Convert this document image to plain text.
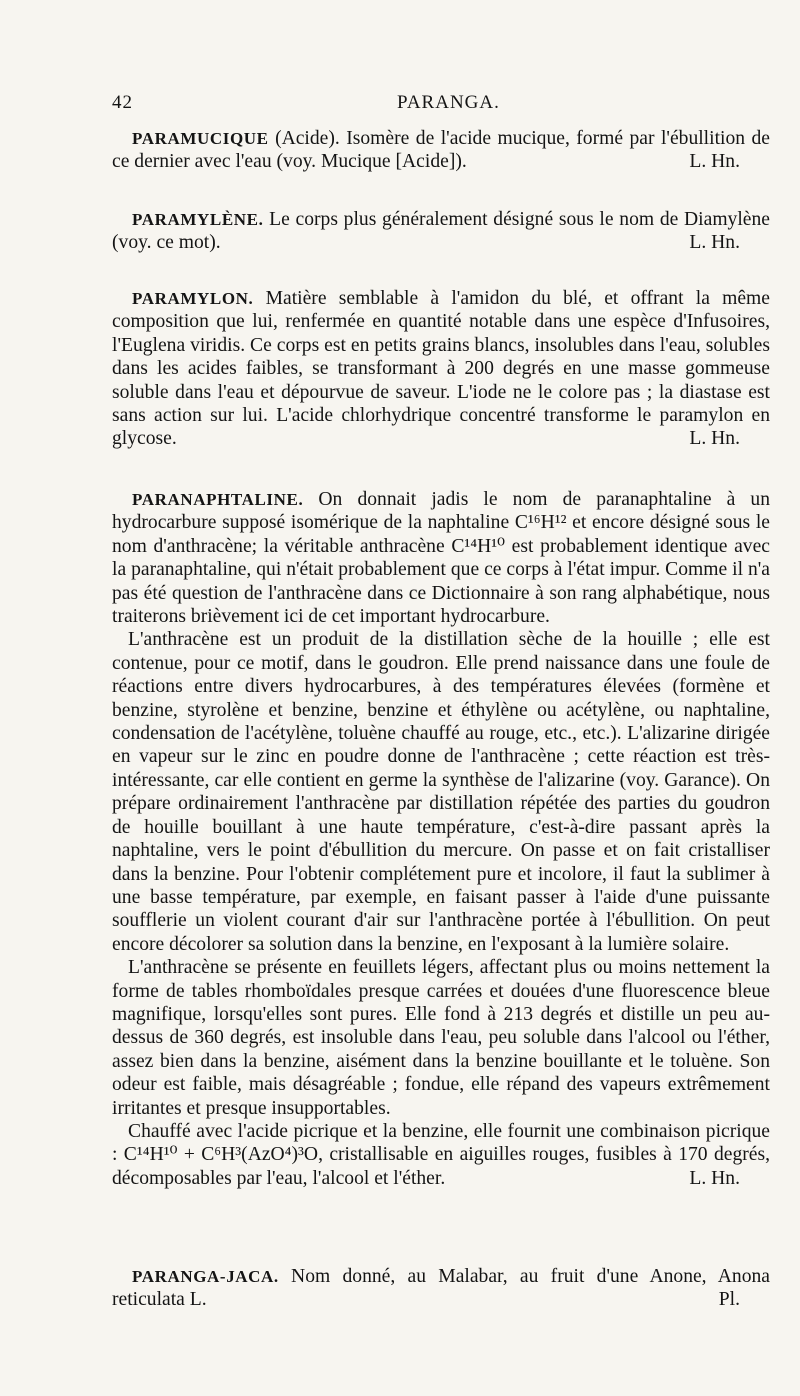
42	PARANGA.

PARAMUCIQUE (Acide). Isomère de l'acide mucique, formé par l'ébullition de ce dernier avec l'eau (voy. Mucique [Acide]).	L. Hn.

PARAMYLÈNE. Le corps plus généralement désigné sous le nom de Diamylène (voy. ce mot).	L. Hn.

PARAMYLON. Matière semblable à l'amidon du blé, et offrant la même composition que lui, renfermée en quantité notable dans une espèce d'Infusoires, l'Euglena viridis. Ce corps est en petits grains blancs, insolubles dans l'eau, solubles dans les acides faibles, se transformant à 200 degrés en une masse gommeuse soluble dans l'eau et dépourvue de saveur. L'iode ne le colore pas ; la diastase est sans action sur lui. L'acide chlorhydrique concentré transforme le paramylon en glycose.	L. Hn.

PARANAPHTALINE. On donnait jadis le nom de paranaphtaline à un hydrocarbure supposé isomérique de la naphtaline C¹⁶H¹² et encore désigné sous le nom d'anthracène; la véritable anthracène C¹⁴H¹⁰ est probablement identique avec la paranaphtaline, qui n'était probablement que ce corps à l'état impur. Comme il n'a pas été question de l'anthracène dans ce Dictionnaire à son rang alphabétique, nous traiterons brièvement ici de cet important hydrocarbure.

L'anthracène est un produit de la distillation sèche de la houille ; elle est contenue, pour ce motif, dans le goudron. Elle prend naissance dans une foule de réactions entre divers hydrocarbures, à des températures élevées (formène et benzine, styrolène et benzine, benzine et éthylène ou acétylène, ou naphtaline, condensation de l'acétylène, toluène chauffé au rouge, etc., etc.). L'alizarine dirigée en vapeur sur le zinc en poudre donne de l'anthracène ; cette réaction est très-intéressante, car elle contient en germe la synthèse de l'alizarine (voy. Garance). On prépare ordinairement l'anthracène par distillation répétée des parties du goudron de houille bouillant à une haute température, c'est-à-dire passant après la naphtaline, vers le point d'ébullition du mercure. On passe et on fait cristalliser dans la benzine. Pour l'obtenir complétement pure et incolore, il faut la sublimer à une basse température, par exemple, en faisant passer à l'aide d'une puissante soufflerie un violent courant d'air sur l'anthracène portée à l'ébullition. On peut encore décolorer sa solution dans la benzine, en l'exposant à la lumière solaire.

L'anthracène se présente en feuillets légers, affectant plus ou moins nettement la forme de tables rhomboïdales presque carrées et douées d'une fluorescence bleue magnifique, lorsqu'elles sont pures. Elle fond à 213 degrés et distille un peu au-dessus de 360 degrés, est insoluble dans l'eau, peu soluble dans l'alcool ou l'éther, assez bien dans la benzine, aisément dans la benzine bouillante et le toluène. Son odeur est faible, mais désagréable ; fondue, elle répand des vapeurs extrêmement irritantes et presque insupportables.

Chauffé avec l'acide picrique et la benzine, elle fournit une combinaison picrique : C¹⁴H¹⁰ + C⁶H³(AzO⁴)³O, cristallisable en aiguilles rouges, fusibles à 170 degrés, décomposables par l'eau, l'alcool et l'éther.	L. Hn.

PARANGA-JACA. Nom donné, au Malabar, au fruit d'une Anone, Anona reticulata L.	Pl.
